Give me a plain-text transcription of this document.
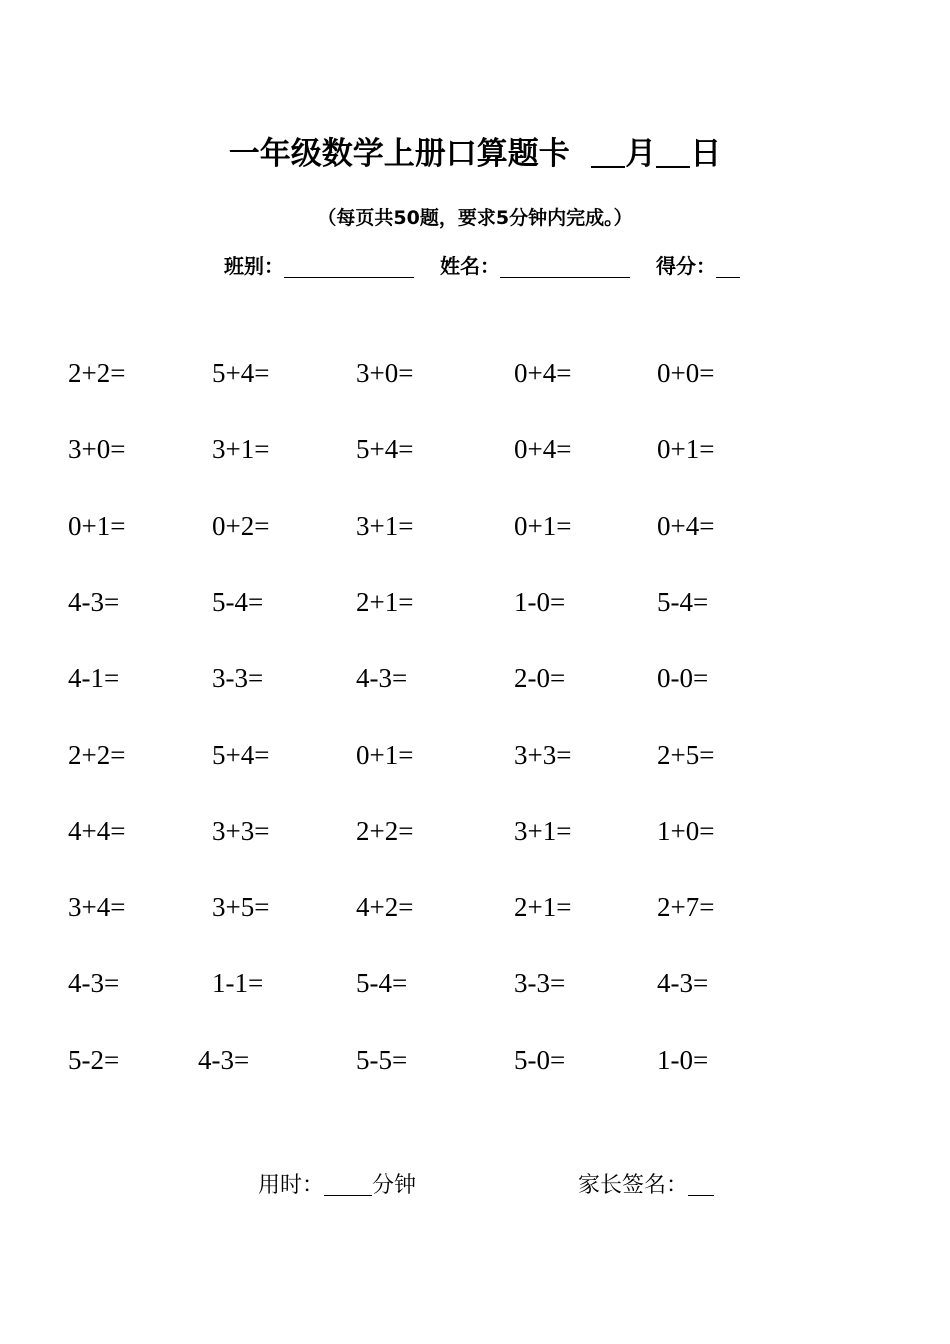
一年级数学上册口算题卡 月 日
（每页共50题，要求5分钟内完成。）
班别：	姓名：	得分：
2+2=	5+4=	3+0=	0+4=	0+0=
3+0=	3+1=	5+4=	0+4=	0+1=
0+1=	0+2=	3+1=	0+1=	0+4=
4-3=	5-4=	2+1=	1-0=	5-4=
4-1=	3-3=	4-3=	2-0=	0-0=
2+2=	5+4=	0+1=	3+3=	2+5=
4+4=	3+3=	2+2=	3+1=	1+0=
3+4=	3+5=	4+2=	2+1=	2+7=
4-3=	1-1=	5-4=	3-3=	4-3=
5-2=	4-3=	5-5=	5-0=	1-0=
用时： 分钟	家长签名：
